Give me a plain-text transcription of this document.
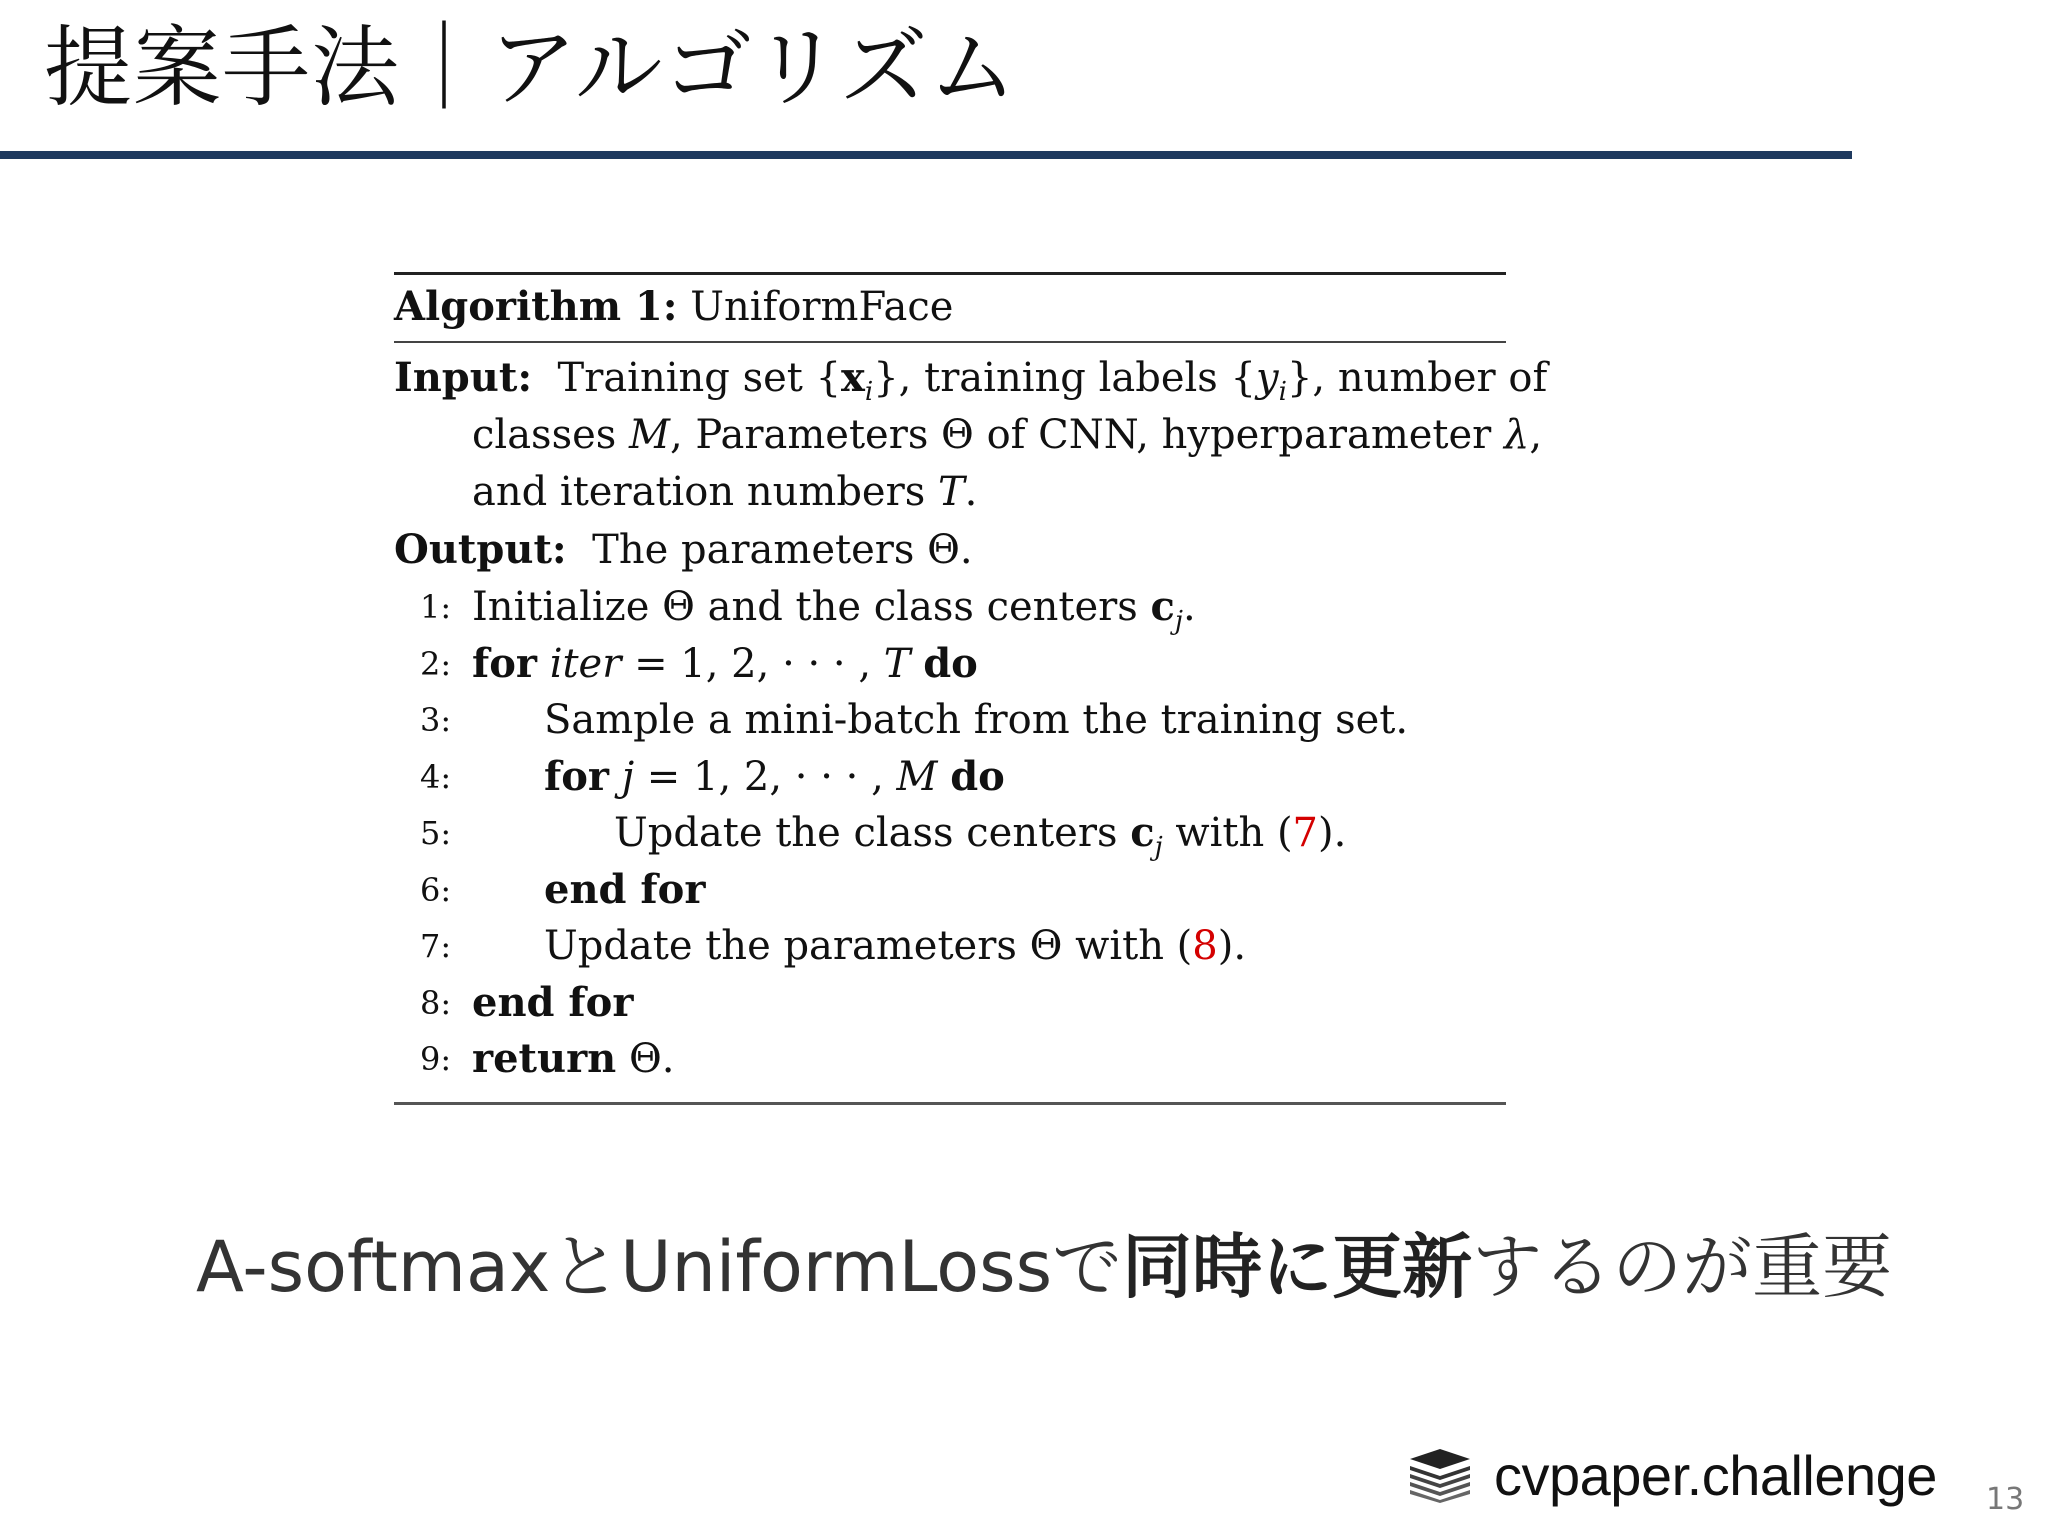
提案手法｜アルゴリズム
Algorithm 1: UniformFace
Input: Training set $\{x_i\}$, training labels $\{y_i\}$, number of
classes M, Parameters Θ of CNN, hyperparameter λ,
and iteration numbers T.
Output: The parameters Θ.
1: Initialize Θ and the class centers $c_j$.
2: for iter = 1, 2, · · · , T do
3:	Sample a mini-batch from the training set.
4:	for j = 1, 2, · · · , M do
5:	Update the class centers $c_j$ with (7).
6:	end for
7:	Update the parameters Θ with (8).
8: end for
9: return Θ.
A-softmaxとUniformLossで同時に更新するのが重要
cvpaper.challenge 13
